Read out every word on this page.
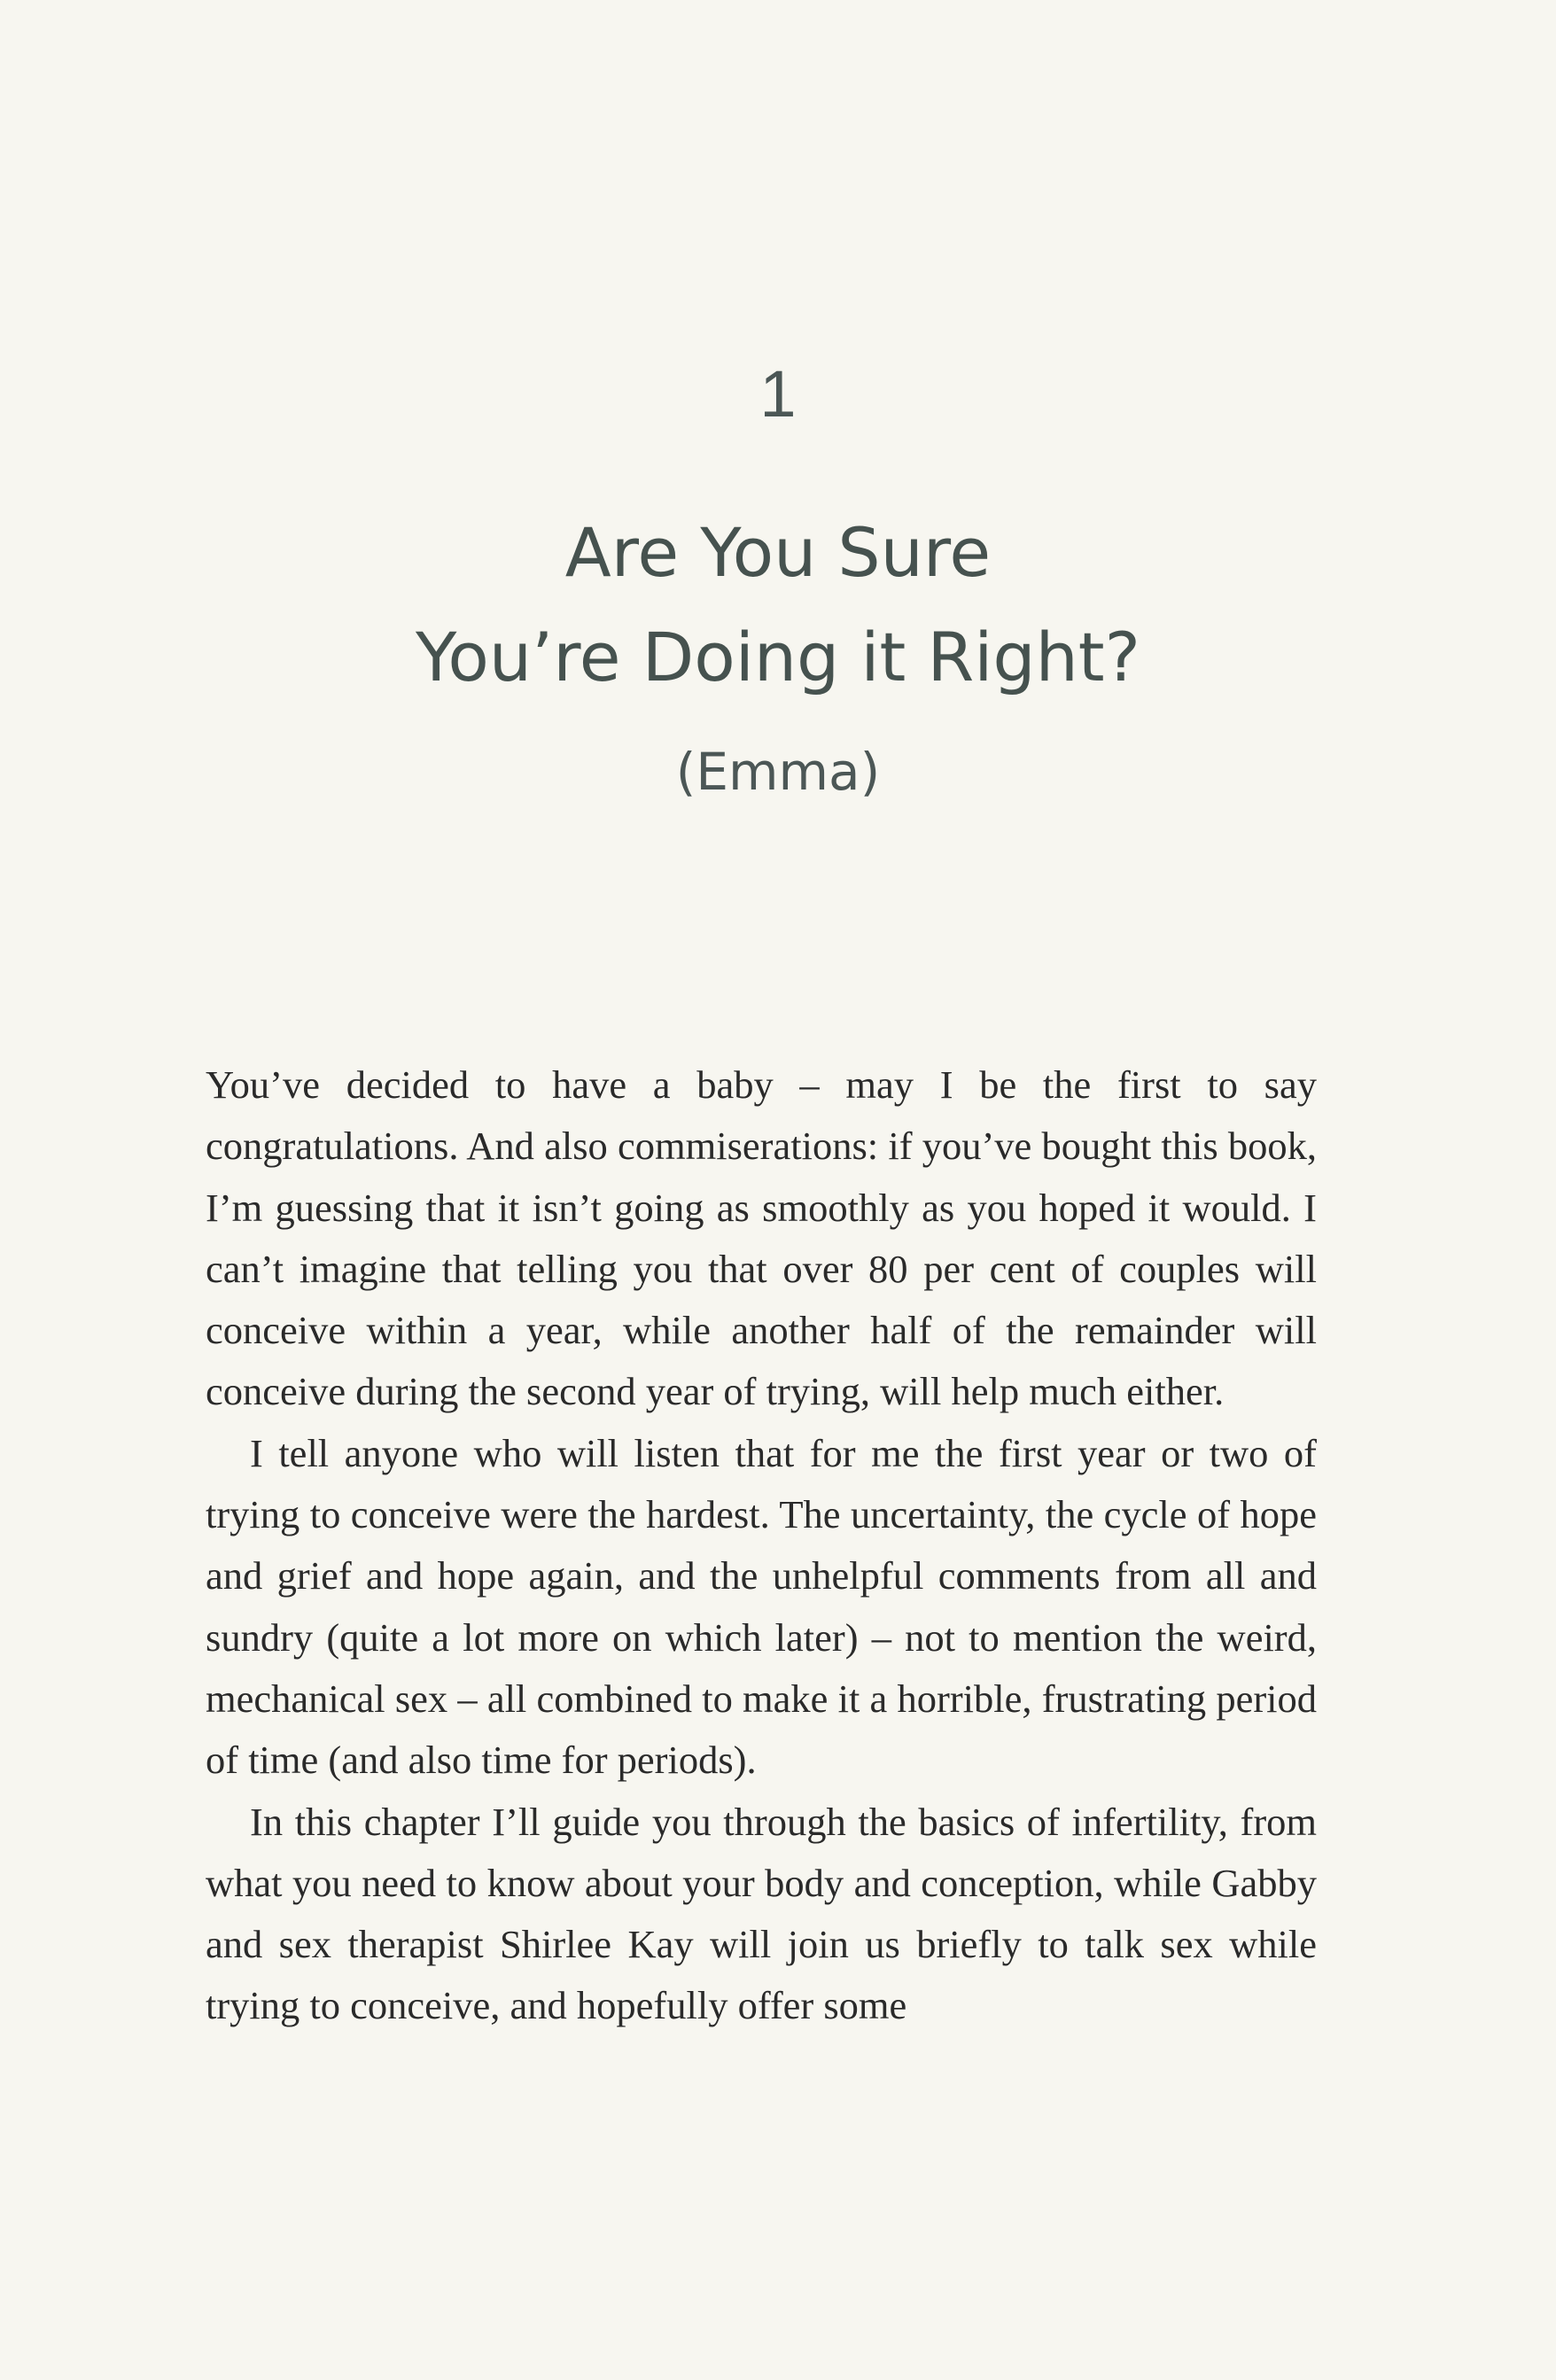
1
Are You Sure
You’re Doing it Right?
(Emma)

You’ve decided to have a baby – may I be the first to say congratulations. And also commiserations: if you’ve bought this book, I’m guessing that it isn’t going as smoothly as you hoped it would. I can’t imagine that telling you that over 80 per cent of couples will conceive within a year, while another half of the remainder will conceive during the second year of trying, will help much either.

I tell anyone who will listen that for me the first year or two of trying to conceive were the hardest. The uncertainty, the cycle of hope and grief and hope again, and the unhelpful comments from all and sundry (quite a lot more on which later) – not to mention the weird, mechanical sex – all combined to make it a horrible, frustrating period of time (and also time for periods).

In this chapter I’ll guide you through the basics of infertility, from what you need to know about your body and conception, while Gabby and sex therapist Shirlee Kay will join us briefly to talk sex while trying to conceive, and hopefully offer some
